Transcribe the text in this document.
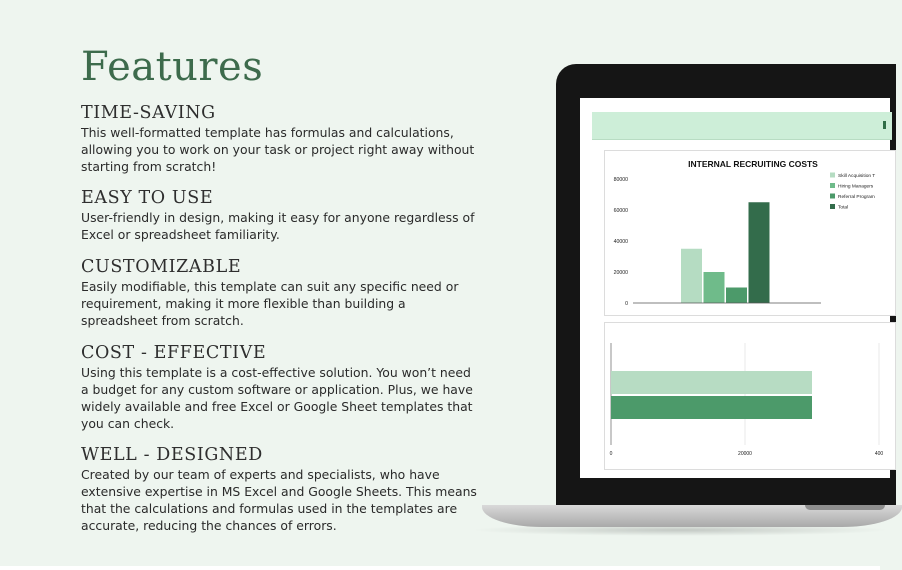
Features
TIME-SAVING

This well-formatted template has formulas and calculations, allowing you to work on your task or project right away without starting from scratch!

EASY TO USE

User-friendly in design, making it easy for anyone regardless of Excel or spreadsheet familiarity.

CUSTOMIZABLE

Easily modifiable, this template can suit any specific need or requirement, making it more flexible than building a spreadsheet from scratch.

COST - EFFECTIVE

Using this template is a cost-effective solution. You won’t need a budget for any custom software or application. Plus, we have widely available and free Excel or Google Sheet templates that you can check.

WELL - DESIGNED

Created by our team of experts and specialists, who have extensive expertise in MS Excel and Google Sheets. This means that the calculations and formulas used in the templates are accurate, reducing the chances of errors.

INTERNAL RECRUITING COSTS
80000
60000
40000
20000
0
Skill Acquisition T
Hiring Managers
Referral Program
Total
0	20000	400
